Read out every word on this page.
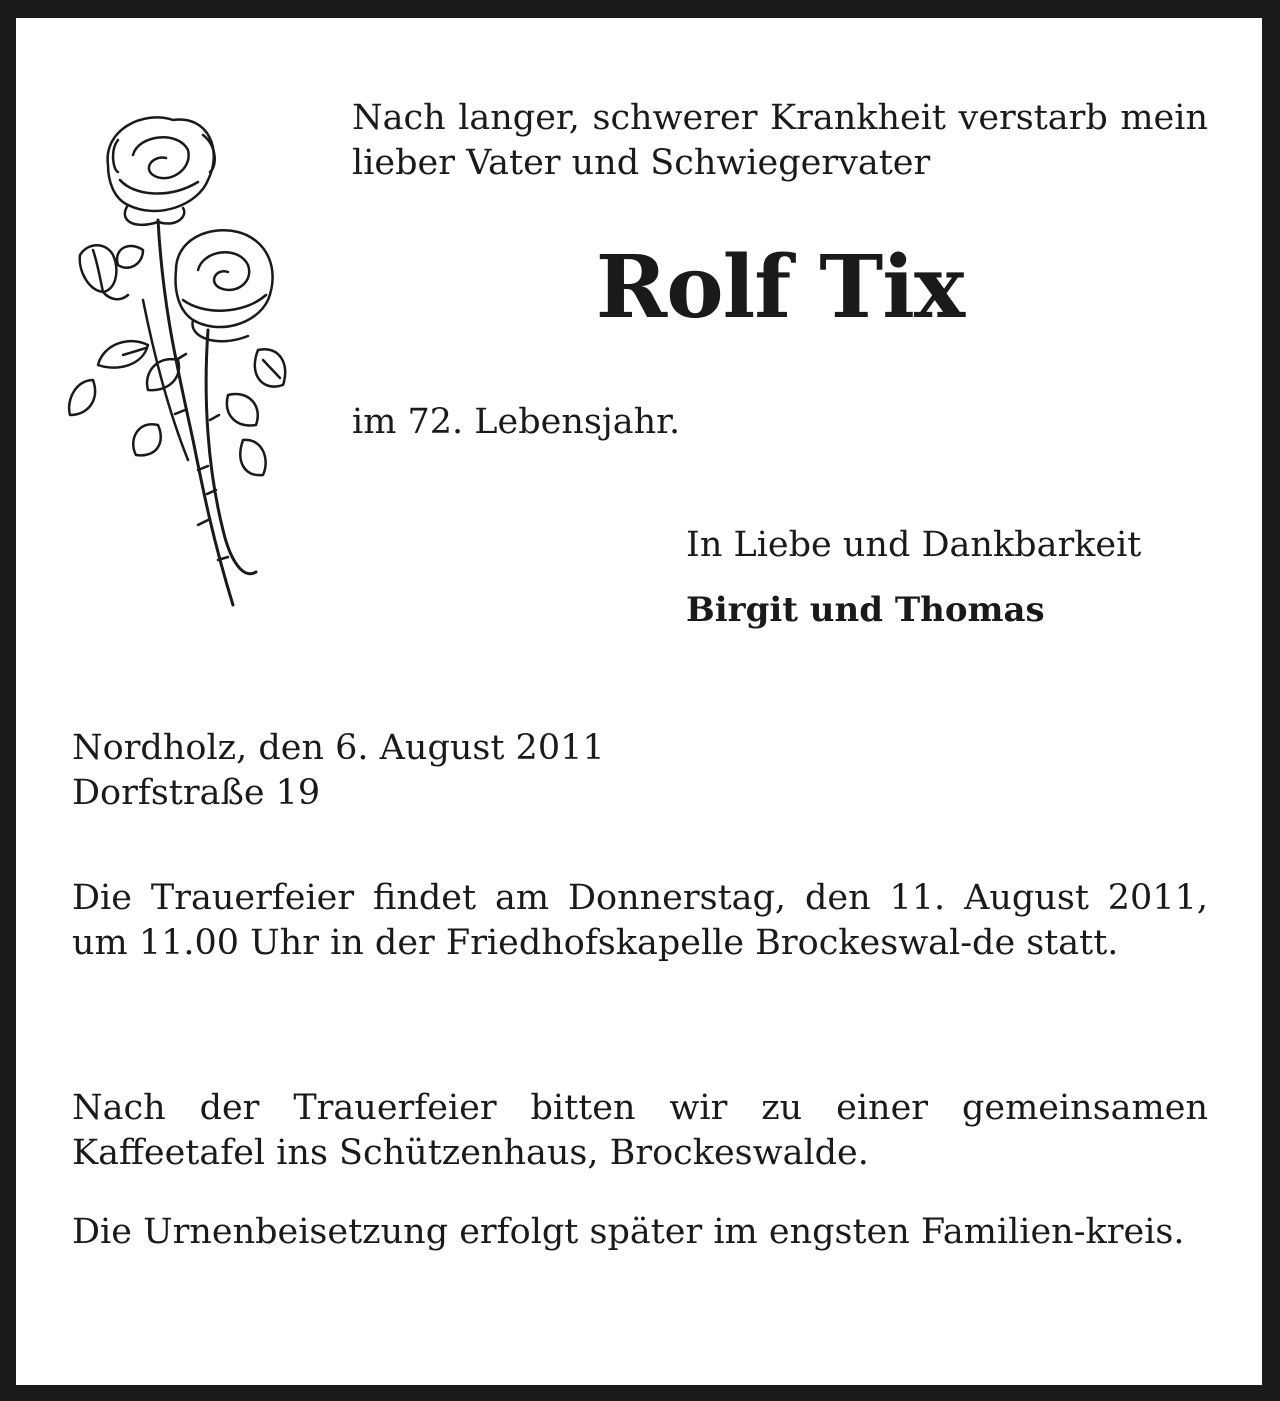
Nach langer, schwerer Krankheit verstarb mein lieber Vater und Schwiegervater

Rolf Tix

im 72. Lebensjahr.

In Liebe und Dankbarkeit

Birgit und Thomas

Nordholz, den 6. August 2011

Dorfstraße 19

Die Trauerfeier findet am Donnerstag, den 11. August 2011, um 11.00 Uhr in der Friedhofskapelle Brockeswal-de statt.

Nach der Trauerfeier bitten wir zu einer gemeinsamen Kaffeetafel ins Schützenhaus, Brockeswalde.

Die Urnenbeisetzung erfolgt später im engsten Familien-kreis.
